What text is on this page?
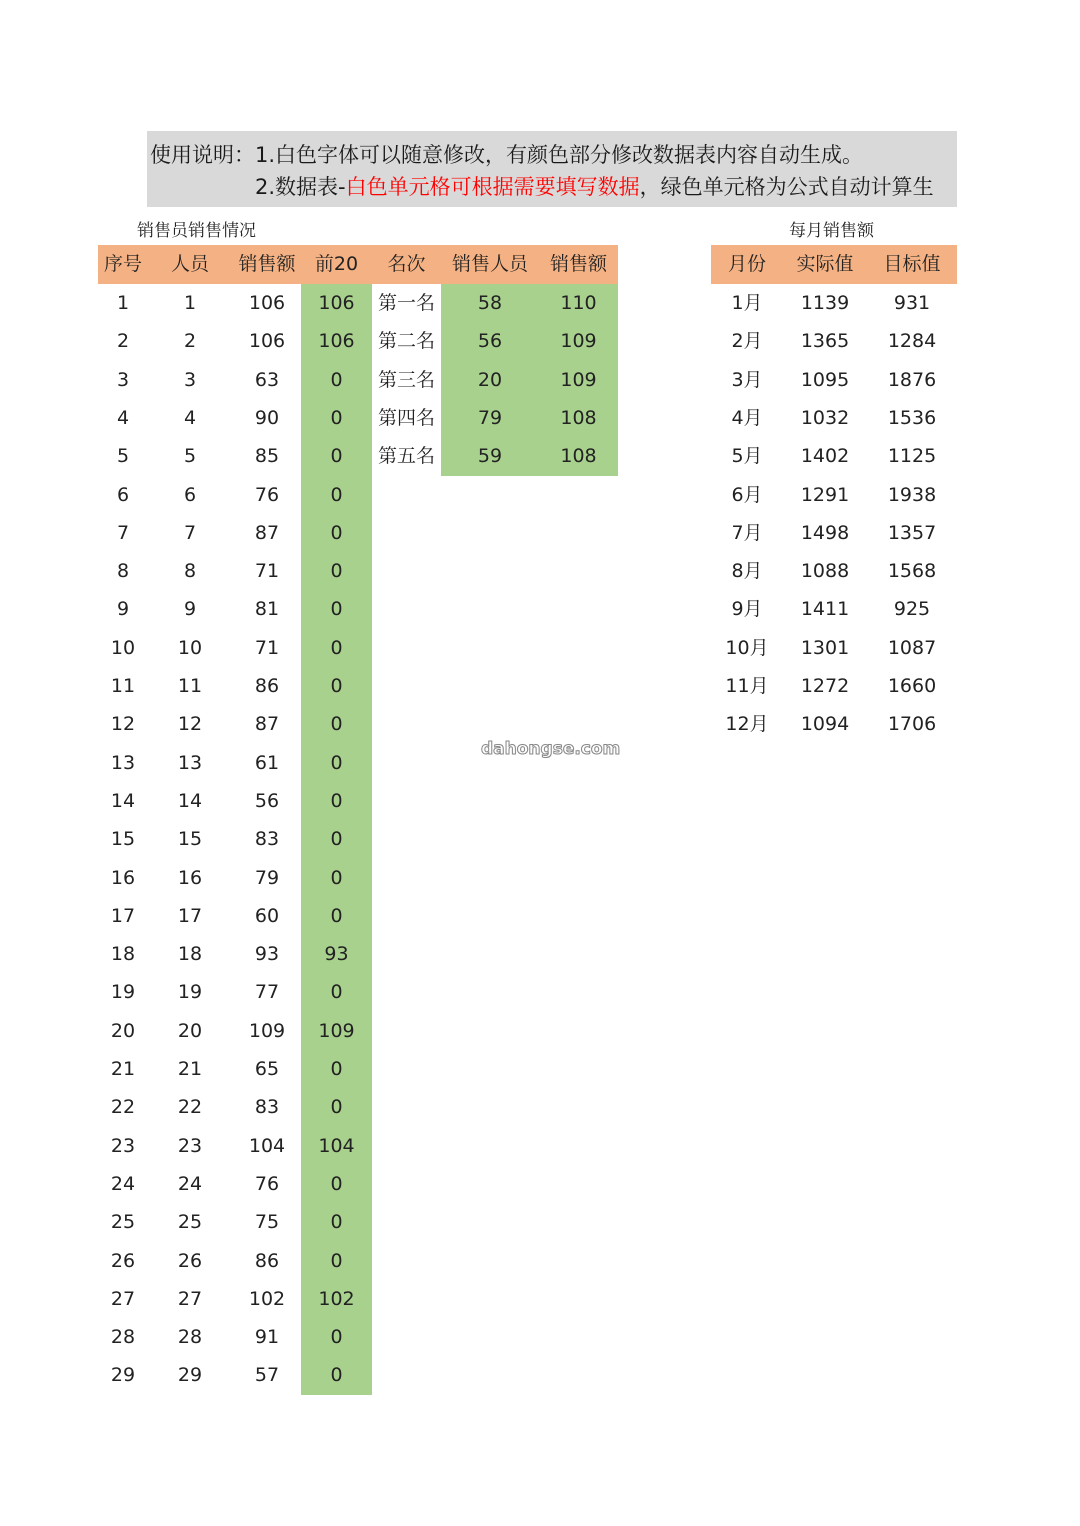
使用说明：1.白色字体可以随意修改，有颜色部分修改数据表内容自动生成。
2.数据表-白色单元格可根据需要填写数据，绿色单元格为公式自动计算生
销售员销售情况	每月销售额
序号	人员	销售额	前20
1	1	106	106
2	2	106	106
3	3	63	0
4	4	90	0
5	5	85	0
6	6	76	0
7	7	87	0
8	8	71	0
9	9	81	0
10	10	71	0
11	11	86	0
12	12	87	0
13	13	61	0
14	14	56	0
15	15	83	0
16	16	79	0
17	17	60	0
18	18	93	93
19	19	77	0
20	20	109	109
21	21	65	0
22	22	83	0
23	23	104	104
24	24	76	0
25	25	75	0
26	26	86	0
27	27	102	102
28	28	91	0
29	29	57	0
名次	销售人员	销售额
第一名	58	110
第二名	56	109
第三名	20	109
第四名	79	108
第五名	59	108
月份	实际值	目标值
1月	1139	931
2月	1365	1284
3月	1095	1876
4月	1032	1536
5月	1402	1125
6月	1291	1938
7月	1498	1357
8月	1088	1568
9月	1411	925
10月	1301	1087
11月	1272	1660
12月	1094	1706
dahongse.com
